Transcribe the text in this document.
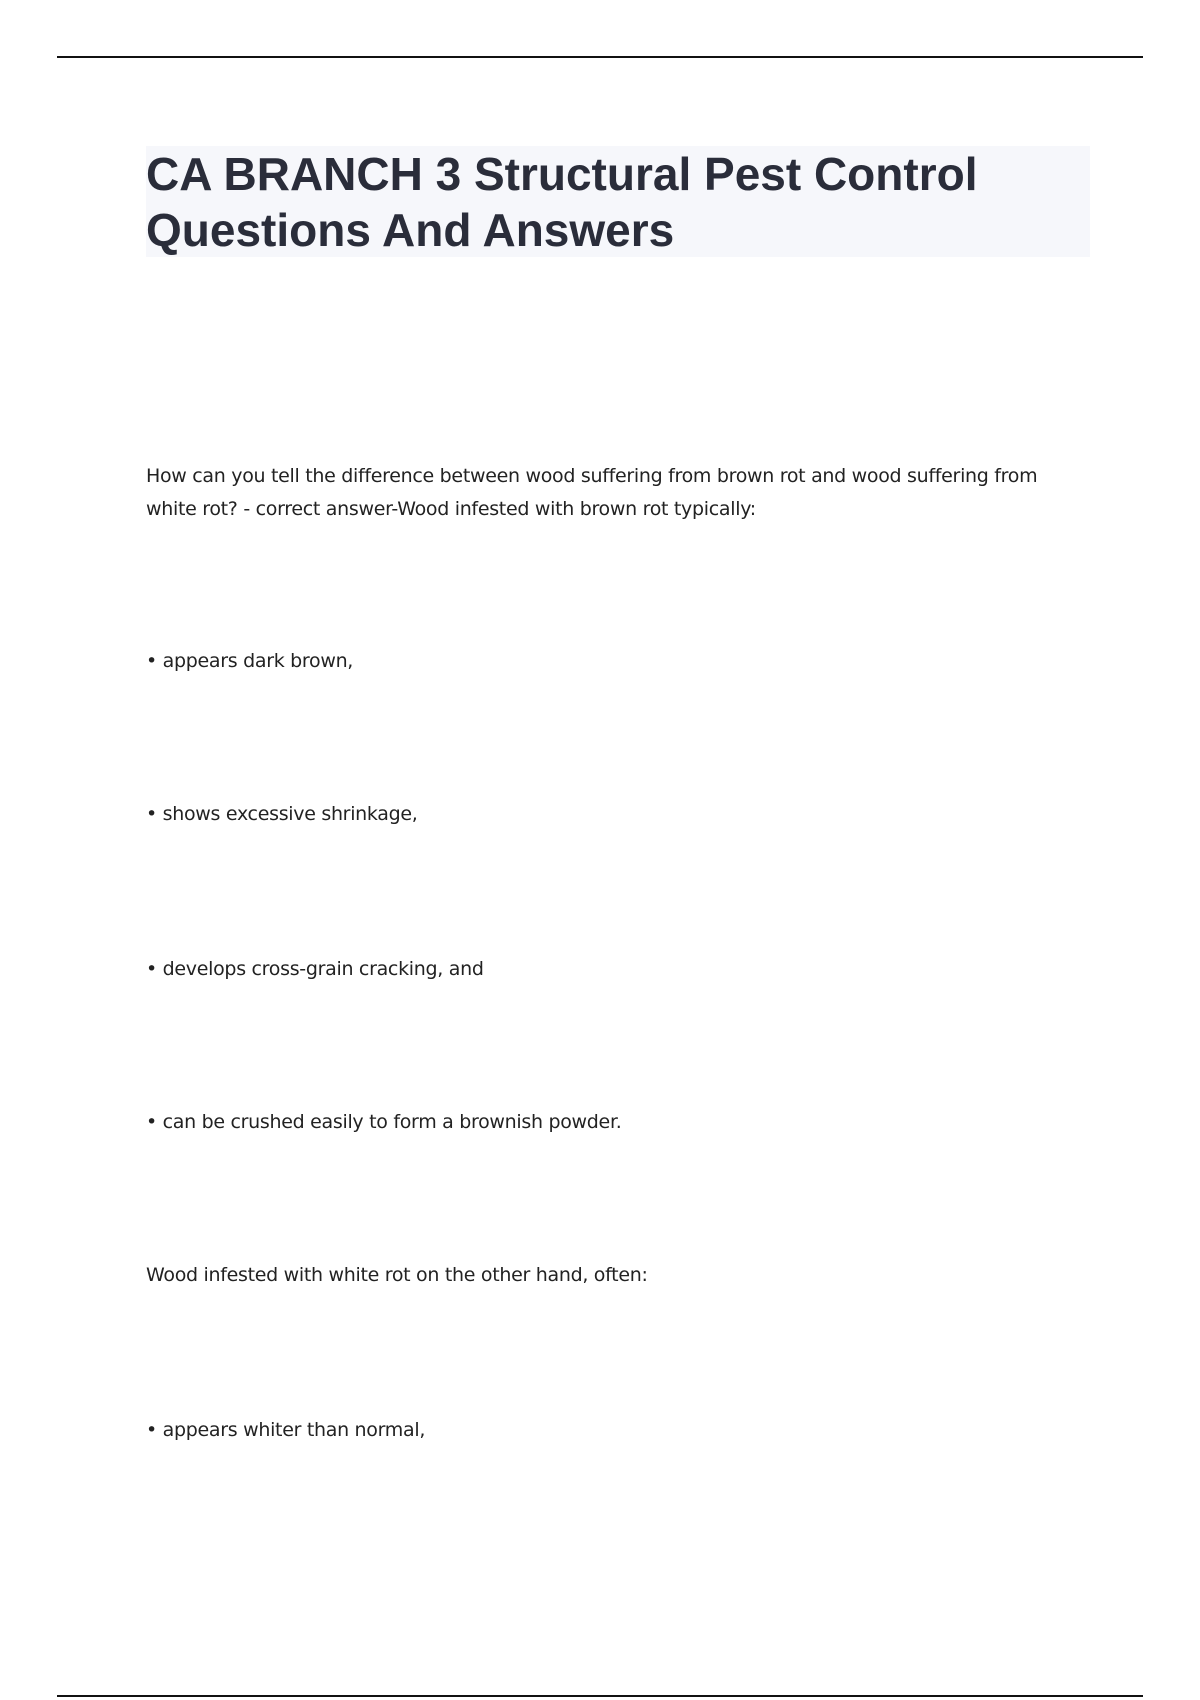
CA BRANCH 3 Structural Pest Control Questions And Answers

How can you tell the difference between wood suffering from brown rot and wood suffering from white rot? - correct answer-Wood infested with brown rot typically:

• appears dark brown,

• shows excessive shrinkage,

• develops cross-grain cracking, and

• can be crushed easily to form a brownish powder.

Wood infested with white rot on the other hand, often:

• appears whiter than normal,
